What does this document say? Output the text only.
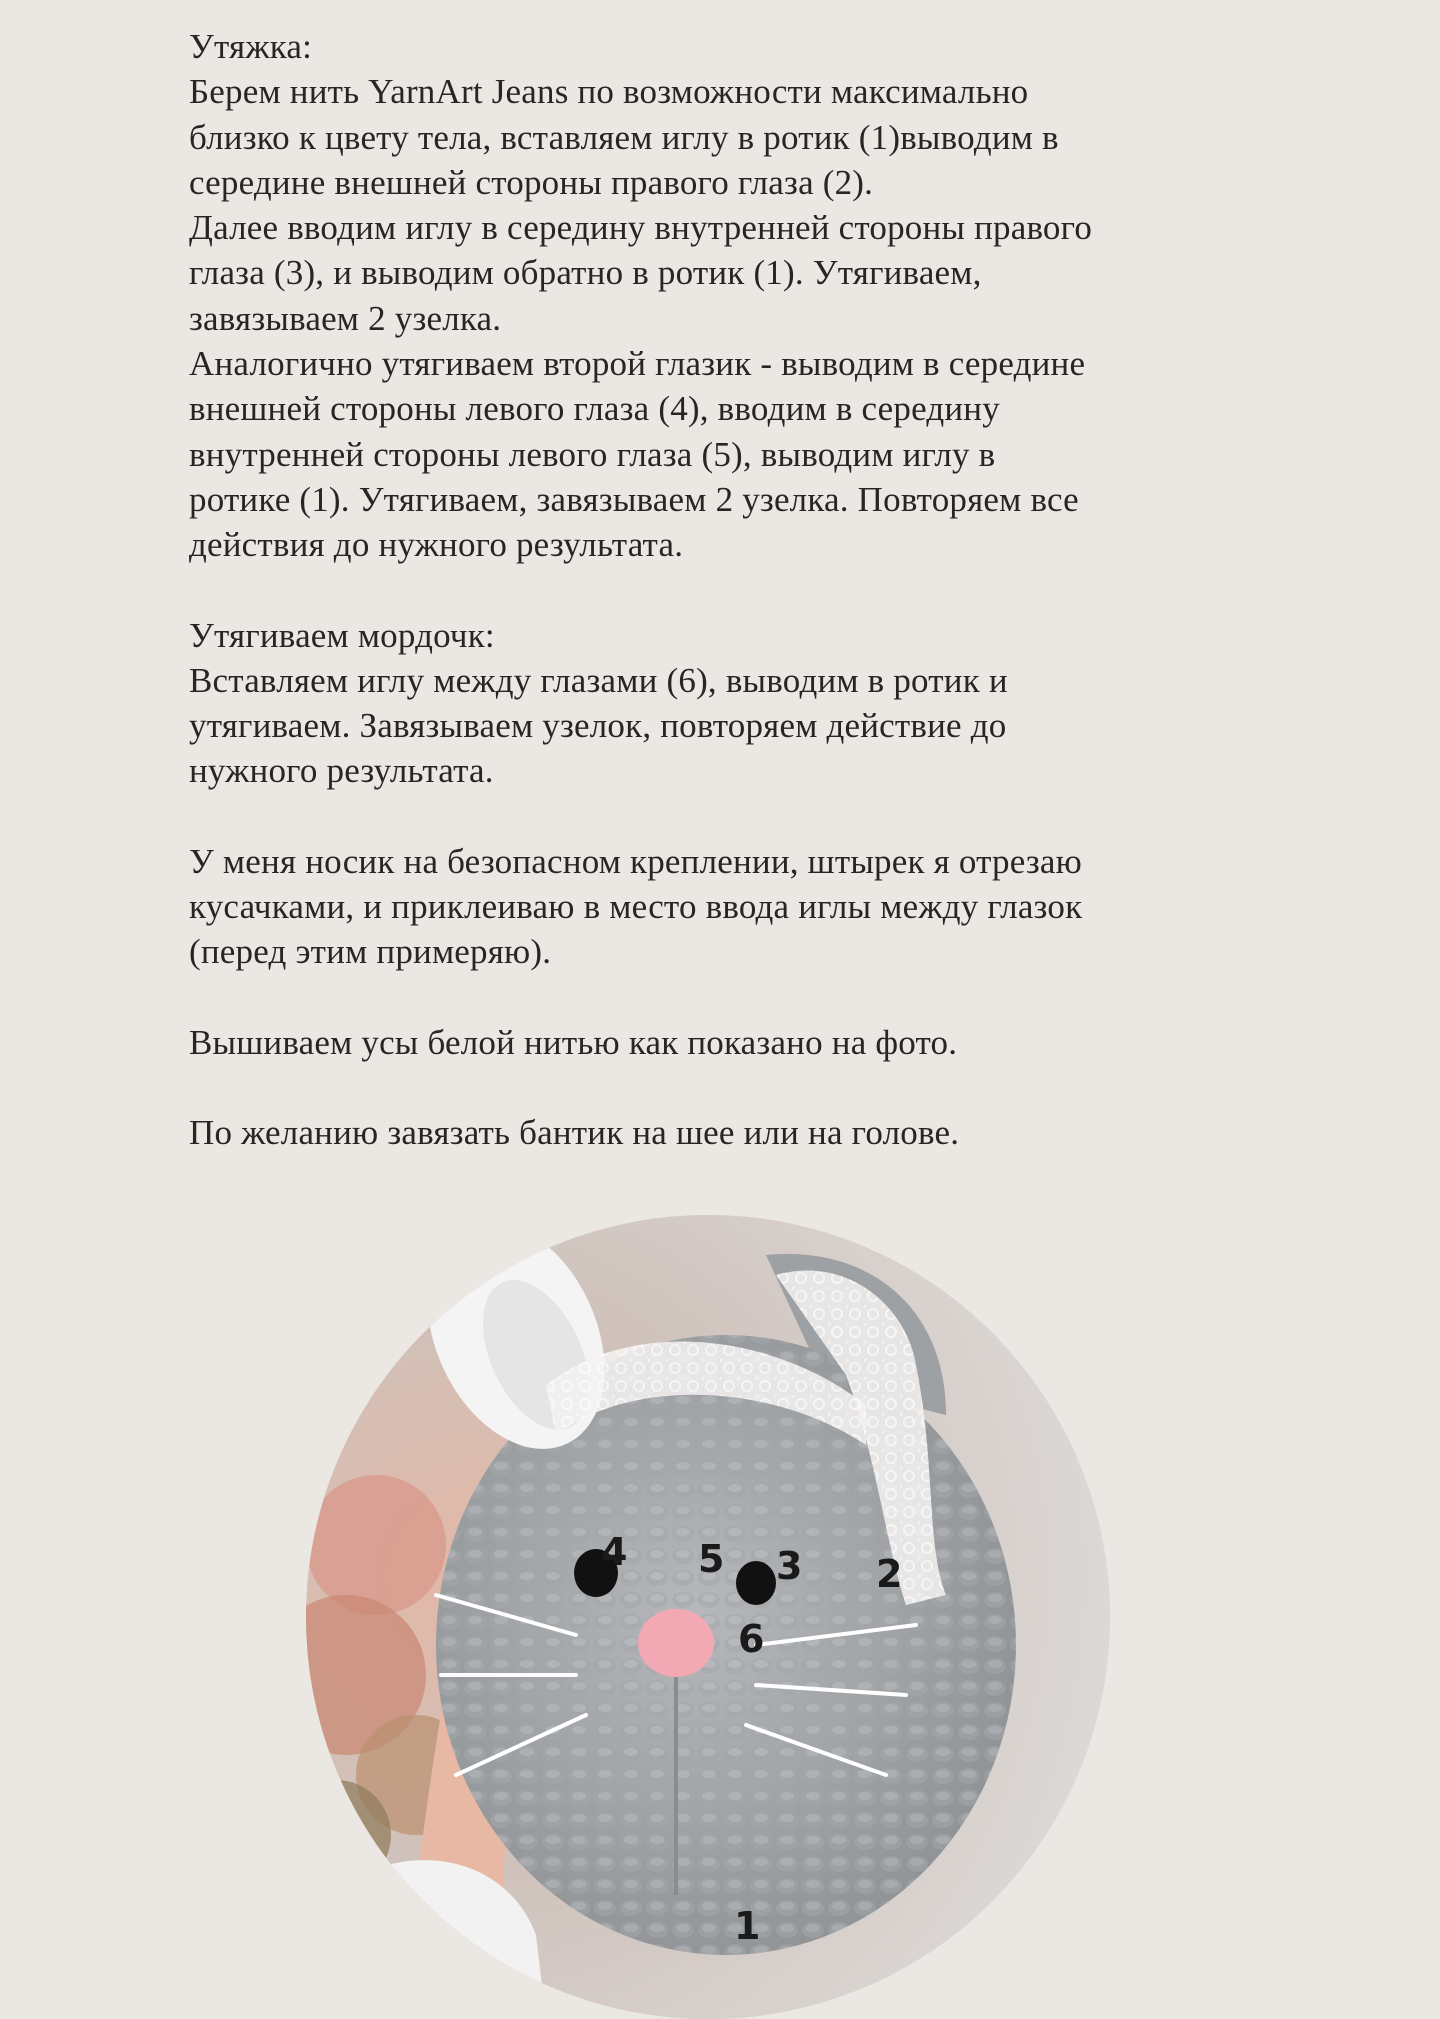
Утяжка:

Берем нить YarnArt Jeans по возможности максимально
близко к цвету тела, вставляем иглу в ротик (1)выводим в
середине внешней стороны правого глаза (2).
Далее вводим иглу в середину внутренней стороны правого
глаза (3), и выводим обратно в ротик (1). Утягиваем,
завязываем 2 узелка.
Аналогично утягиваем второй глазик - выводим в середине
внешней стороны левого глаза (4), вводим в середину
внутренней стороны левого глаза (5), выводим иглу в
ротике (1). Утягиваем, завязываем 2 узелка. Повторяем все
действия до нужного результата.

Утягиваем мордочк:

Вставляем иглу между глазами (6), выводим в ротик и
утягиваем. Завязываем узелок, повторяем действие до
нужного результата.

У меня носик на безопасном креплении, штырек я отрезаю
кусачками, и приклеиваю в место ввода иглы между глазок
(перед этим примеряю).

Вышиваем усы белой нитью как показано на фото.

По желанию завязать бантик на шее или на голове.

4 5 3 2
6
1
